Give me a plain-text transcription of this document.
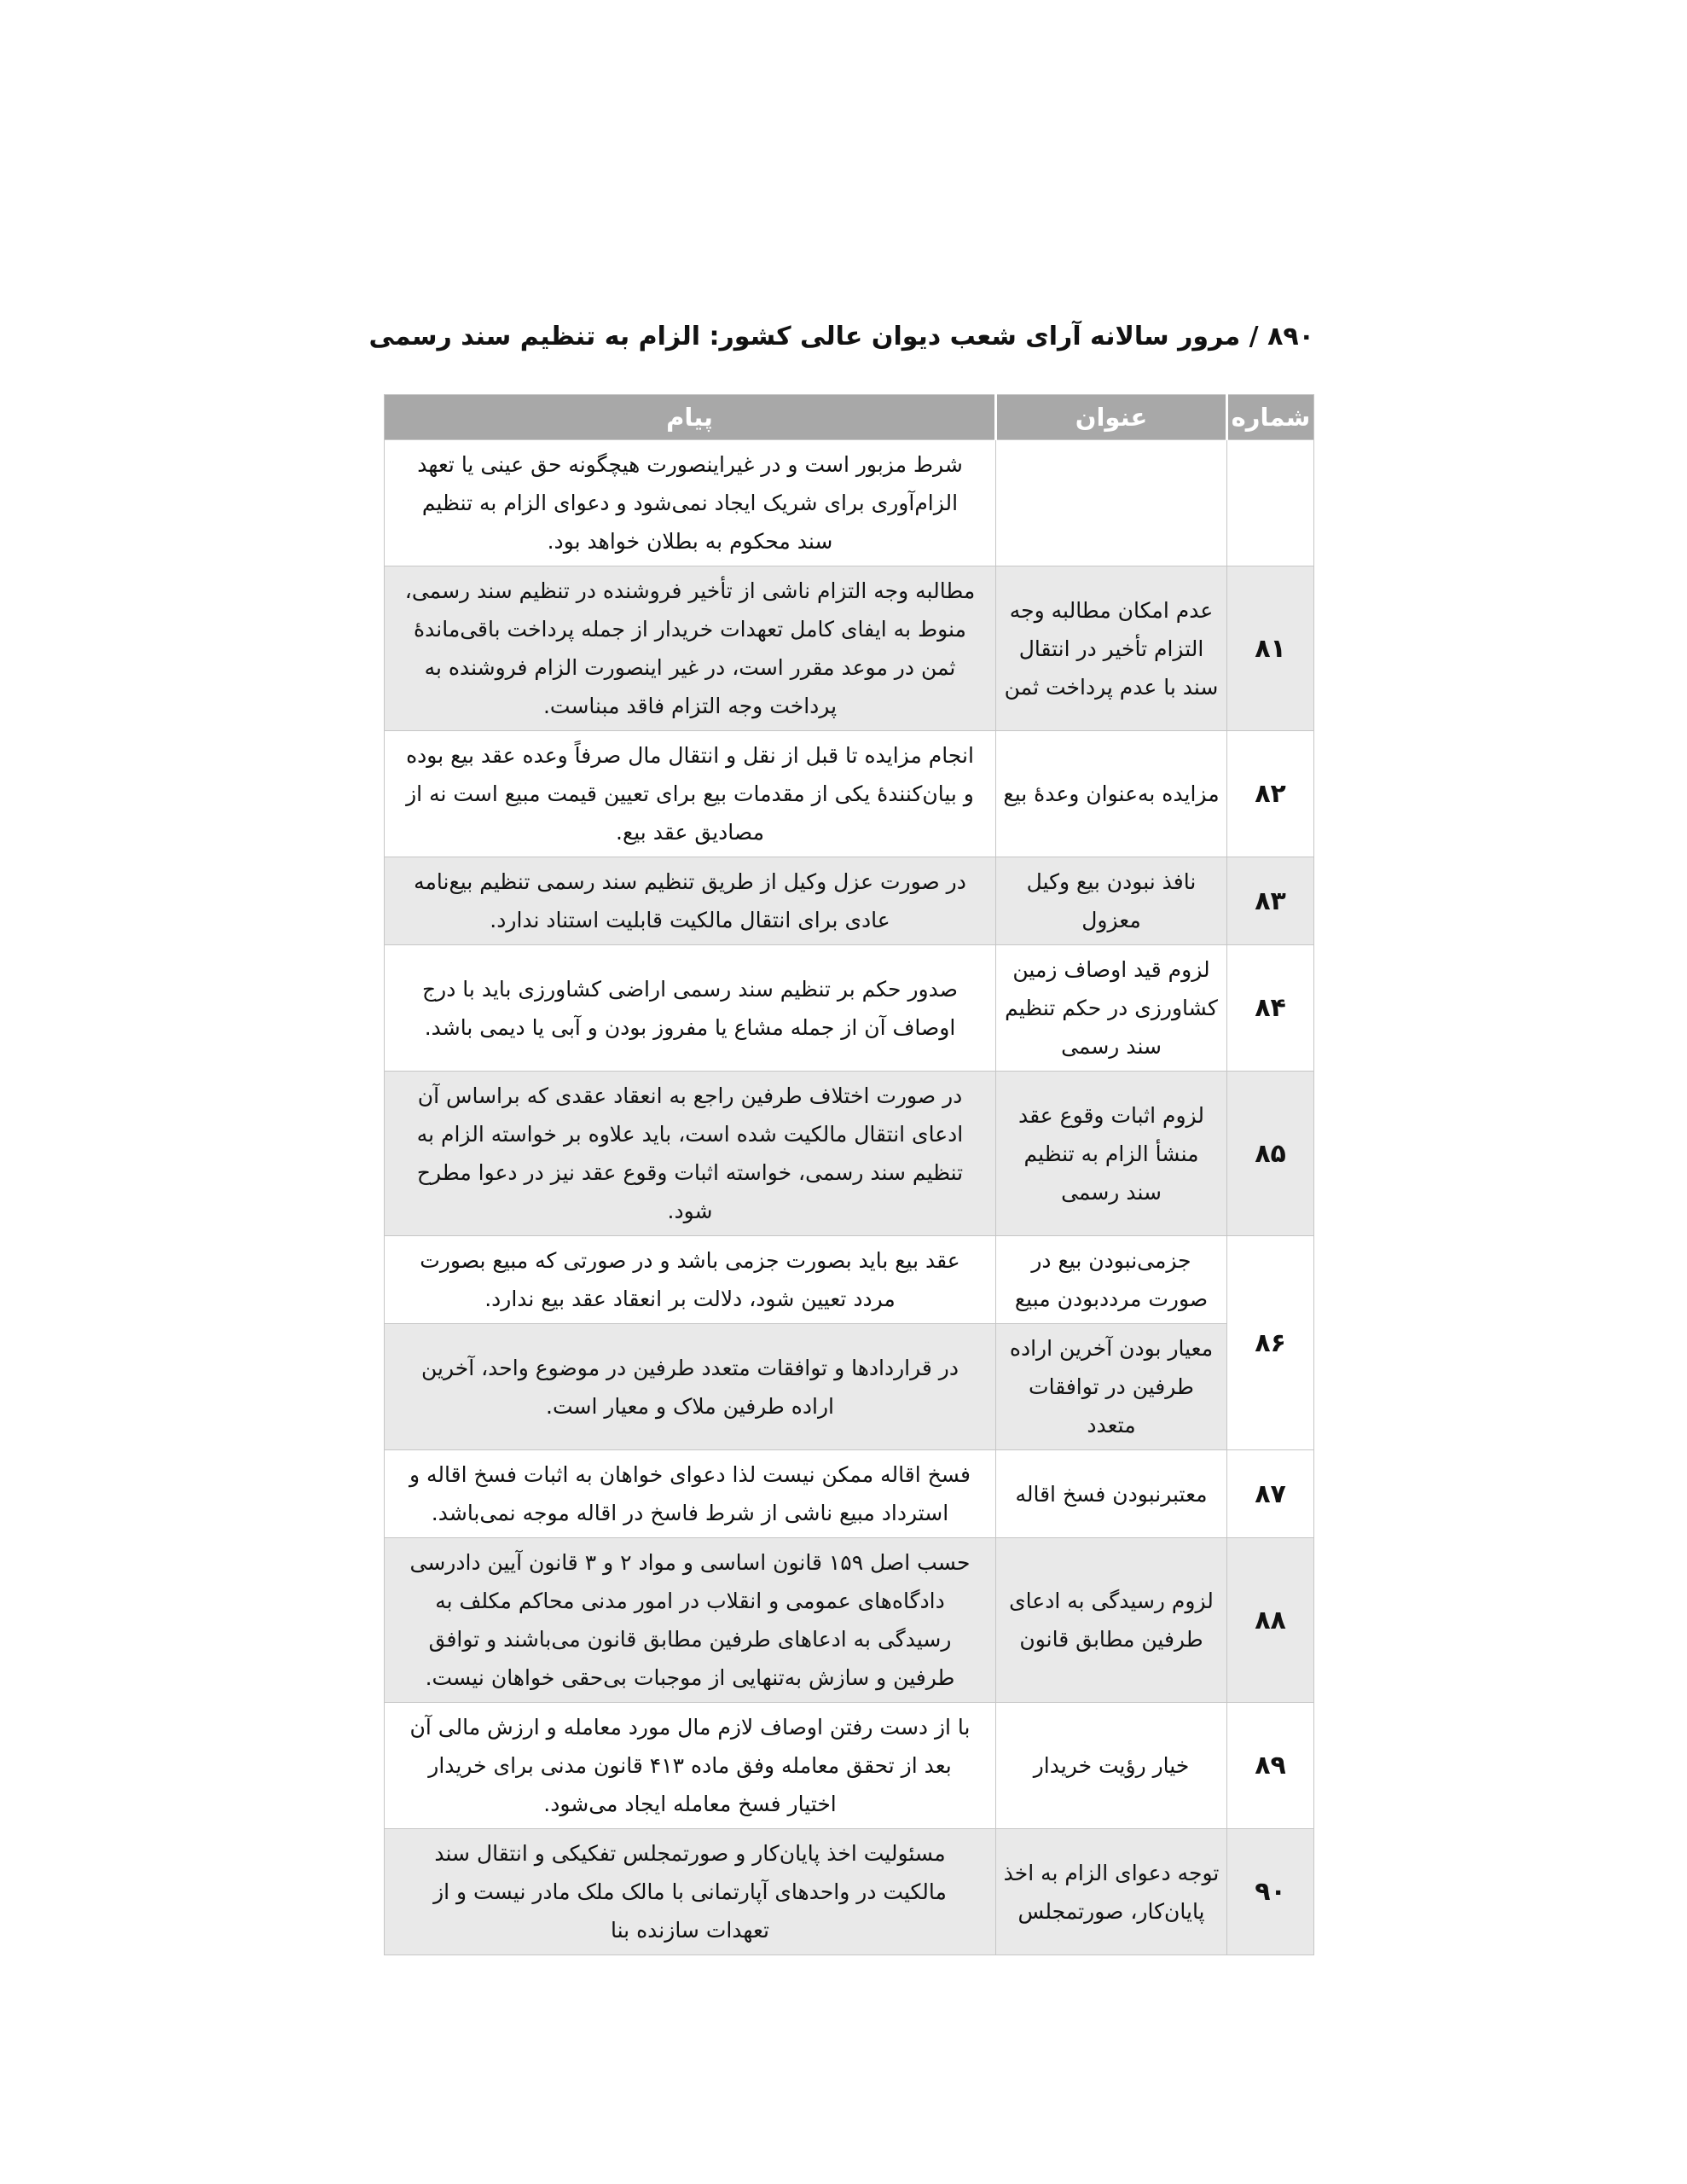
۸۹۰ / مرور سالانه آرای شعب دیوان عالی کشور: الزام به تنظیم سند رسمی
شماره	عنوان	پیام
		شرط مزبور است و در غیراینصورت هیچگونه حق عینی یا تعهد الزام‌آوری برای شریک ایجاد نمی‌شود و دعوای الزام به تنظیم سند محکوم به بطلان خواهد بود.
۸۱	عدم امکان مطالبه وجه التزام تأخیر در انتقال سند با عدم پرداخت ثمن	مطالبه وجه التزام ناشی از تأخیر فروشنده در تنظیم سند رسمی، منوط به ایفای کامل تعهدات خریدار از جمله پرداخت باقی‌ماندهٔ ثمن در موعد مقرر است، در غیر اینصورت الزام فروشنده به پرداخت وجه التزام فاقد مبناست.
۸۲	مزایده به‌عنوان وعدهٔ بیع	انجام مزایده تا قبل از نقل و انتقال مال صرفاً وعده عقد بیع بوده و بیان‌کنندهٔ یکی از مقدمات بیع برای تعیین قیمت مبیع است نه از مصادیق عقد بیع.
۸۳	نافذ نبودن بیع وکیل معزول	در صورت عزل وکیل از طریق تنظیم سند رسمی تنظیم بیع‌نامه عادی برای انتقال مالکیت قابلیت استناد ندارد.
۸۴	لزوم قید اوصاف زمین کشاورزی در حکم تنظیم سند رسمی	صدور حکم بر تنظیم سند رسمی اراضی کشاورزی باید با درج اوصاف آن از جمله مشاع یا مفروز بودن و آبی یا دیمی باشد.
۸۵	لزوم اثبات وقوع عقد منشأ الزام به تنظیم سند رسمی	در صورت اختلاف طرفین راجع به انعقاد عقدی که براساس آن ادعای انتقال مالکیت شده است، باید علاوه بر خواسته الزام به تنظیم سند رسمی، خواسته اثبات وقوع عقد نیز در دعوا مطرح شود.
۸۶	جزمی‌نبودن بیع در صورت مرددبودن مبیع	عقد بیع باید بصورت جزمی باشد و در صورتی که مبیع بصورت مردد تعیین شود، دلالت بر انعقاد عقد بیع ندارد.
	معیار بودن آخرین اراده طرفین در توافقات متعدد	در قراردادها و توافقات متعدد طرفین در موضوع واحد، آخرین اراده طرفین ملاک و معیار است.
۸۷	معتبرنبودن فسخ اقاله	فسخ اقاله ممکن نیست لذا دعوای خواهان به اثبات فسخ اقاله و استرداد مبیع ناشی از شرط فاسخ در اقاله موجه نمی‌باشد.
۸۸	لزوم رسیدگی به ادعای طرفین مطابق قانون	حسب اصل ۱۵۹ قانون اساسی و مواد ۲ و ۳ قانون آیین دادرسی دادگاه‌های عمومی و انقلاب در امور مدنی محاکم مکلف به رسیدگی به ادعاهای طرفین مطابق قانون می‌باشند و توافق طرفین و سازش به‌تنهایی از موجبات بی‌حقی خواهان نیست.
۸۹	خیار رؤیت خریدار	با از دست رفتن اوصاف لازم مال مورد معامله و ارزش مالی آن بعد از تحقق معامله وفق ماده ۴۱۳ قانون مدنی برای خریدار اختیار فسخ معامله ایجاد می‌شود.
۹۰	توجه دعوای الزام به اخذ پایان‌کار، صورتمجلس	مسئولیت اخذ پایان‌کار و صورتمجلس تفکیکی و انتقال سند مالکیت در واحدهای آپارتمانی با مالک ملک مادر نیست و از تعهدات سازنده بنا
